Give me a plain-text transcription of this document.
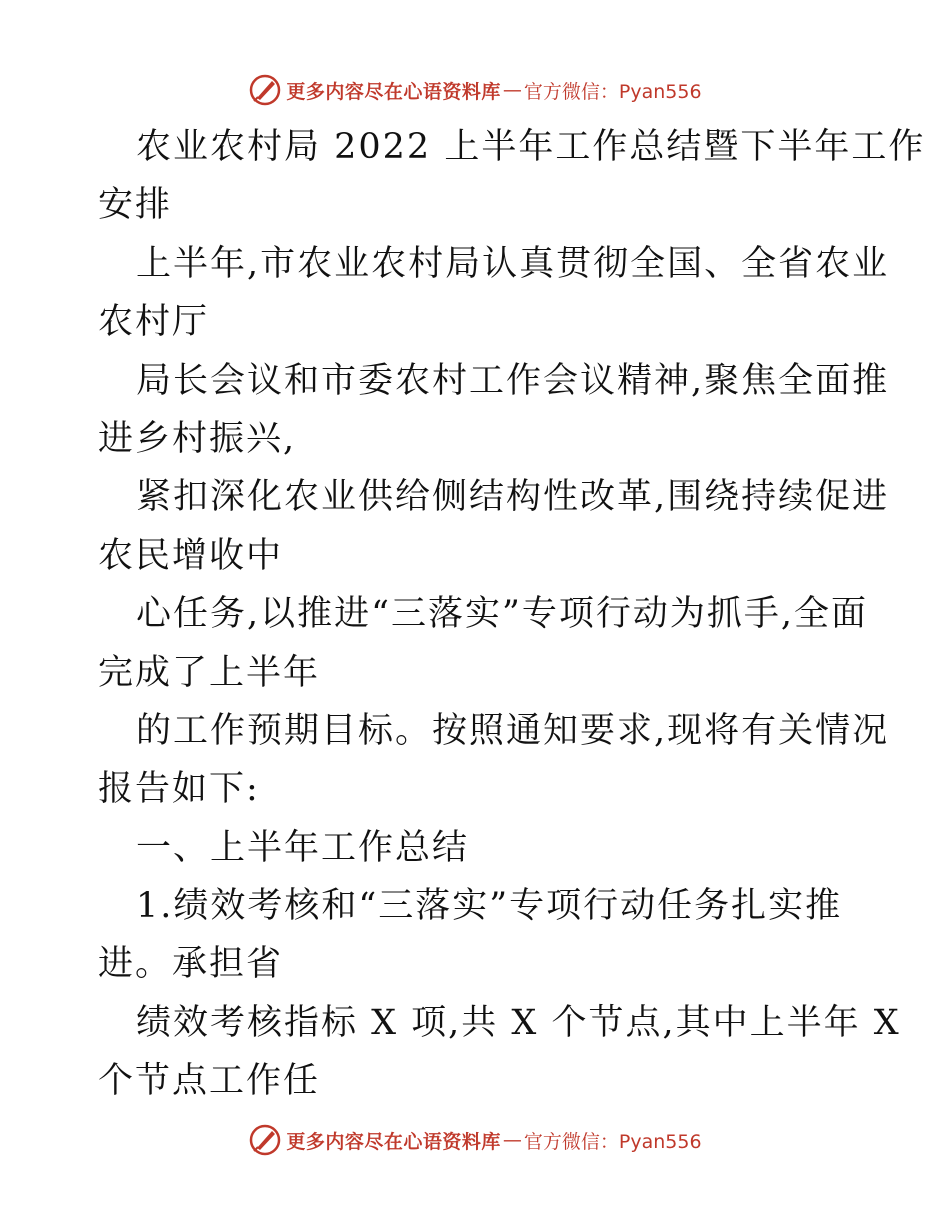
更多内容尽在心语资料库 — 官方微信：Pyan556
农业农村局 2022 上半年工作总结暨下半年工作
安排
上半年,市农业农村局认真贯彻全国、全省农业
农村厅
局长会议和市委农村工作会议精神,聚焦全面推
进乡村振兴,
紧扣深化农业供给侧结构性改革,围绕持续促进
农民增收中
心任务,以推进“三落实”专项行动为抓手,全面
完成了上半年
的工作预期目标。按照通知要求,现将有关情况
报告如下:
一、上半年工作总结
1.绩效考核和“三落实”专项行动任务扎实推
进。承担省
绩效考核指标 X 项,共 X 个节点,其中上半年 X
个节点工作任
更多内容尽在心语资料库 — 官方微信：Pyan556
